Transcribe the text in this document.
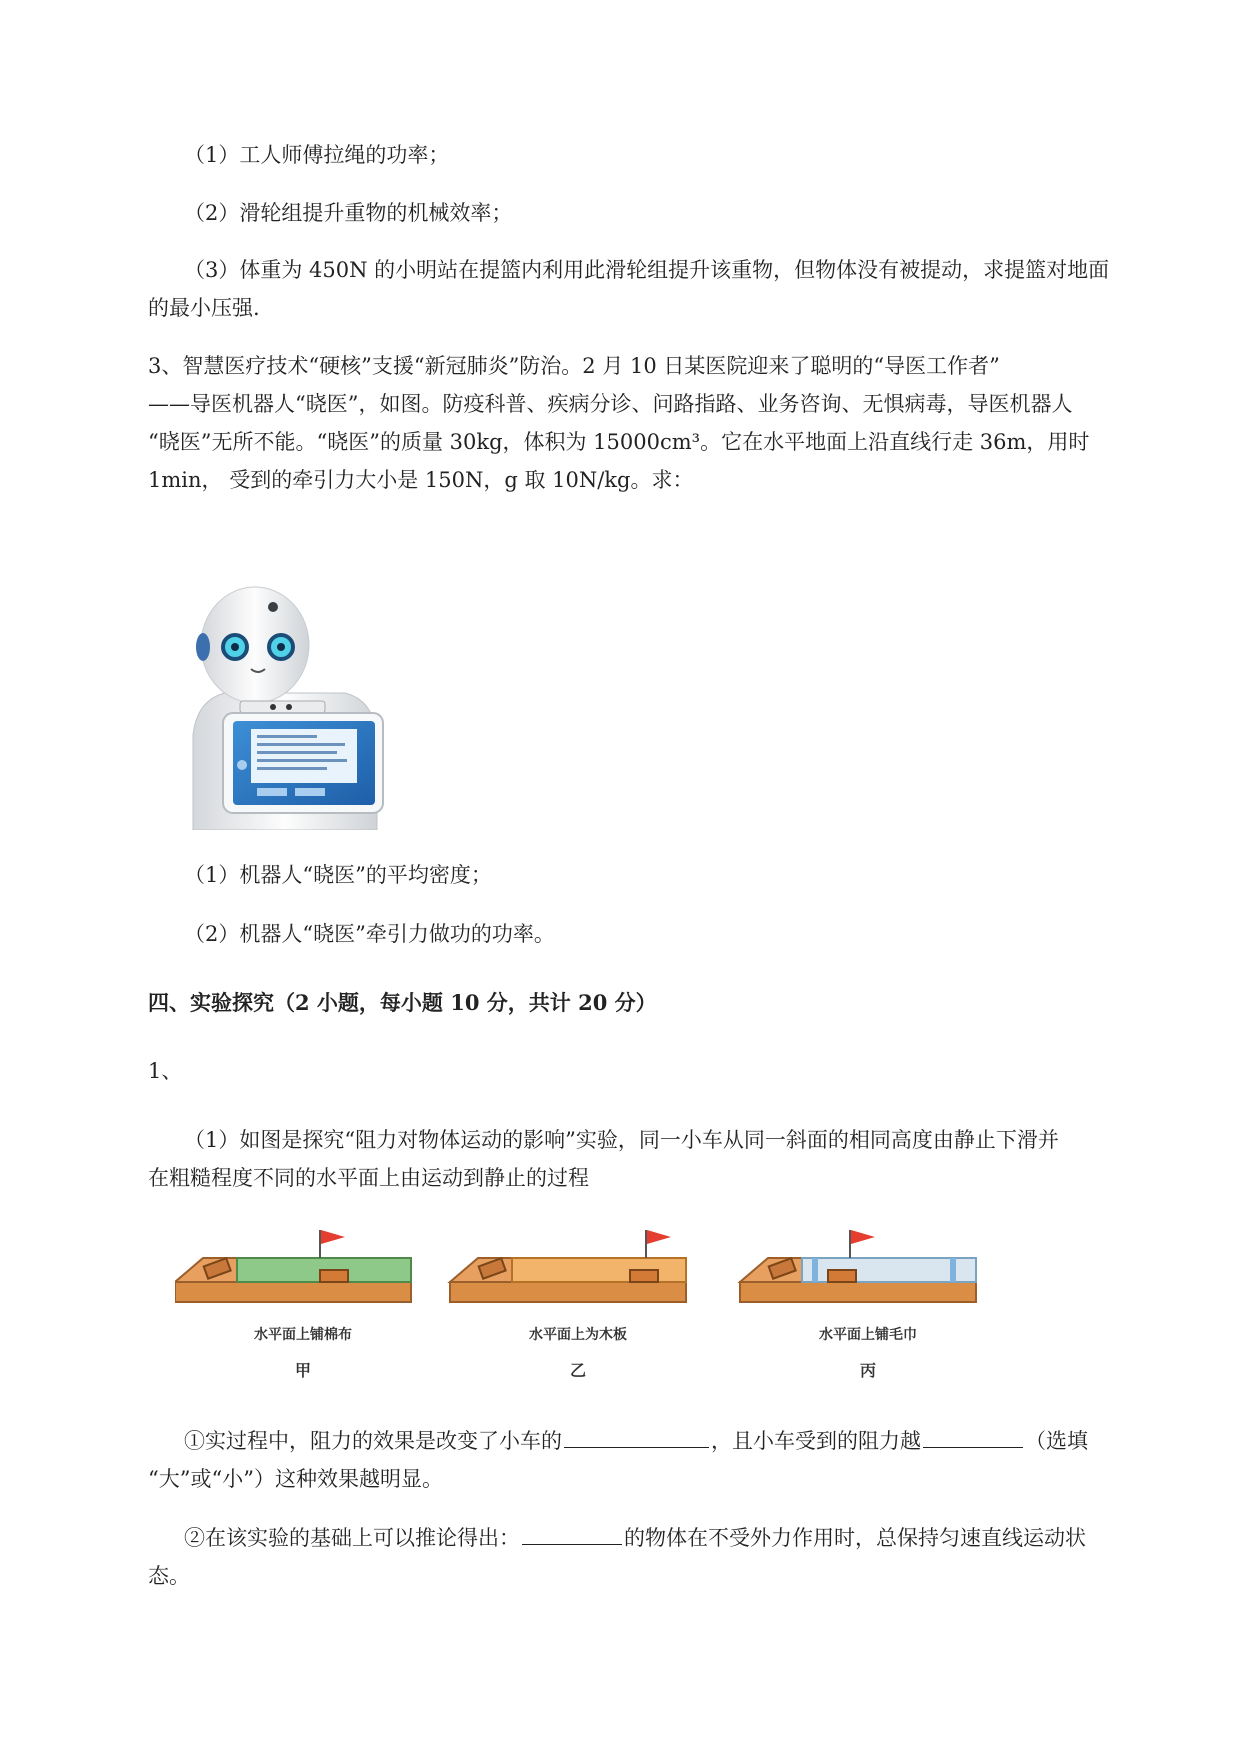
（1）工人师傅拉绳的功率；
（2）滑轮组提升重物的机械效率；
（3）体重为 450N 的小明站在提篮内利用此滑轮组提升该重物，但物体没有被提动，求提篮对地面
的最小压强.
3、智慧医疗技术“硬核”支援“新冠肺炎”防治。2 月 10 日某医院迎来了聪明的“导医工作者”
——导医机器人“晓医”，如图。防疫科普、疾病分诊、问路指路、业务咨询、无惧病毒，导医机器人
“晓医”无所不能。“晓医”的质量 30kg，体积为 15000cm³。它在水平地面上沿直线行走 36m，用时
1min， 受到的牵引力大小是 150N，g 取 10N/kg。求：
（1）机器人“晓医”的平均密度；
（2）机器人“晓医”牵引力做功的功率。
四、实验探究（2 小题，每小题 10 分，共计 20 分）
1、
（1）如图是探究“阻力对物体运动的影响”实验，同一小车从同一斜面的相同高度由静止下滑并
在粗糙程度不同的水平面上由运动到静止的过程
水平面上铺棉布	水平面上为木板	水平面上铺毛巾
甲	乙	丙
①实过程中，阻力的效果是改变了小车的	，且小车受到的阻力越	（选填
“大”或“小”）这种效果越明显。
②在该实验的基础上可以推论得出：	的物体在不受外力作用时，总保持匀速直线运动状
态。
